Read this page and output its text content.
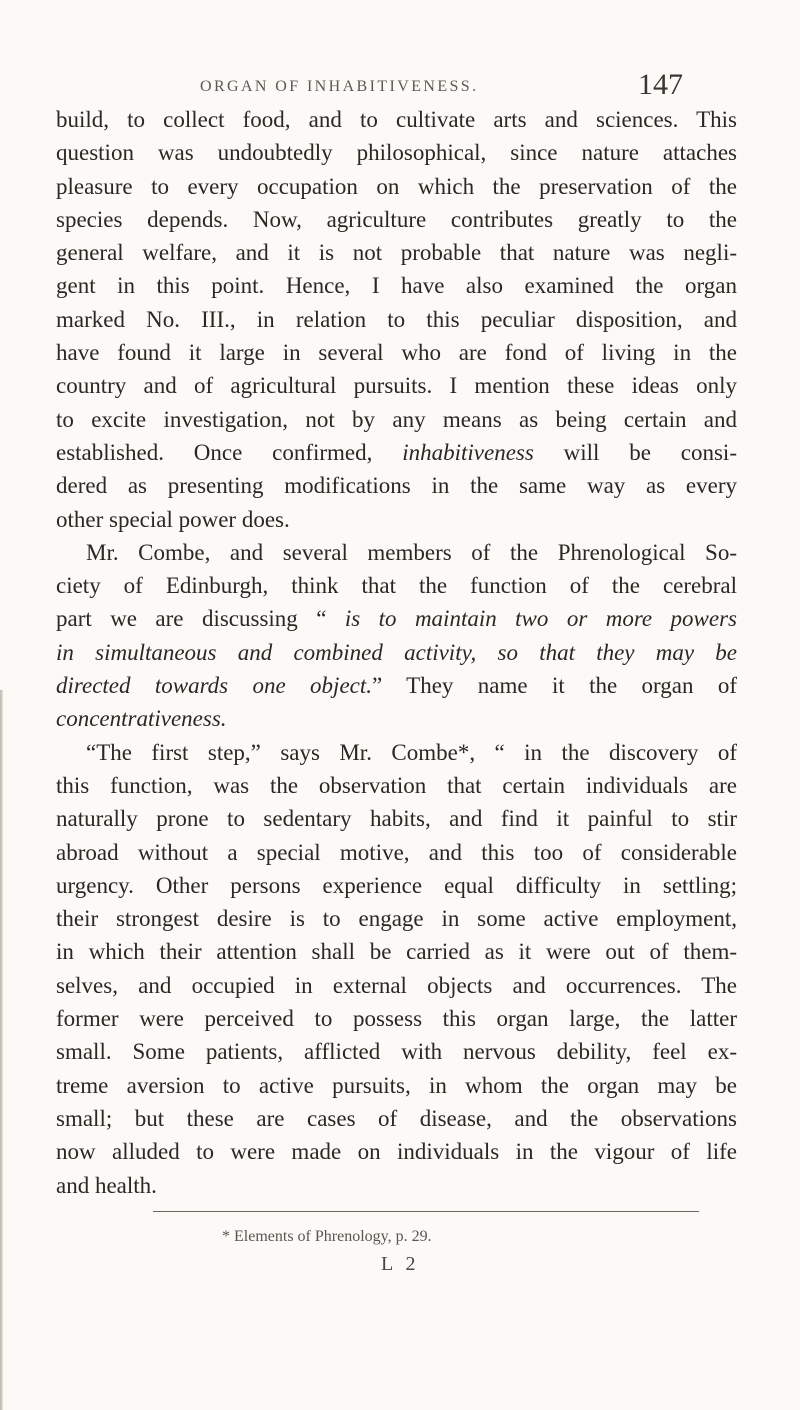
ORGAN OF INHABITIVENESS.	147
build, to collect food, and to cultivate arts and sciences. This
question was undoubtedly philosophical, since nature attaches
pleasure to every occupation on which the preservation of the
species depends. Now, agriculture contributes greatly to the
general welfare, and it is not probable that nature was negli-
gent in this point. Hence, I have also examined the organ
marked No. III., in relation to this peculiar disposition, and
have found it large in several who are fond of living in the
country and of agricultural pursuits. I mention these ideas only
to excite investigation, not by any means as being certain and
established. Once confirmed, inhabitiveness will be consi-
dered as presenting modifications in the same way as every
other special power does.
Mr. Combe, and several members of the Phrenological So-
ciety of Edinburgh, think that the function of the cerebral
part we are discussing “ is to maintain two or more powers
in simultaneous and combined activity, so that they may be
directed towards one object.” They name it the organ of
concentrativeness.
“The first step,” says Mr. Combe*, “ in the discovery of
this function, was the observation that certain individuals are
naturally prone to sedentary habits, and find it painful to stir
abroad without a special motive, and this too of considerable
urgency. Other persons experience equal difficulty in settling;
their strongest desire is to engage in some active employment,
in which their attention shall be carried as it were out of them-
selves, and occupied in external objects and occurrences. The
former were perceived to possess this organ large, the latter
small. Some patients, afflicted with nervous debility, feel ex-
treme aversion to active pursuits, in whom the organ may be
small; but these are cases of disease, and the observations
now alluded to were made on individuals in the vigour of life
and health.
* Elements of Phrenology, p. 29.
L 2
